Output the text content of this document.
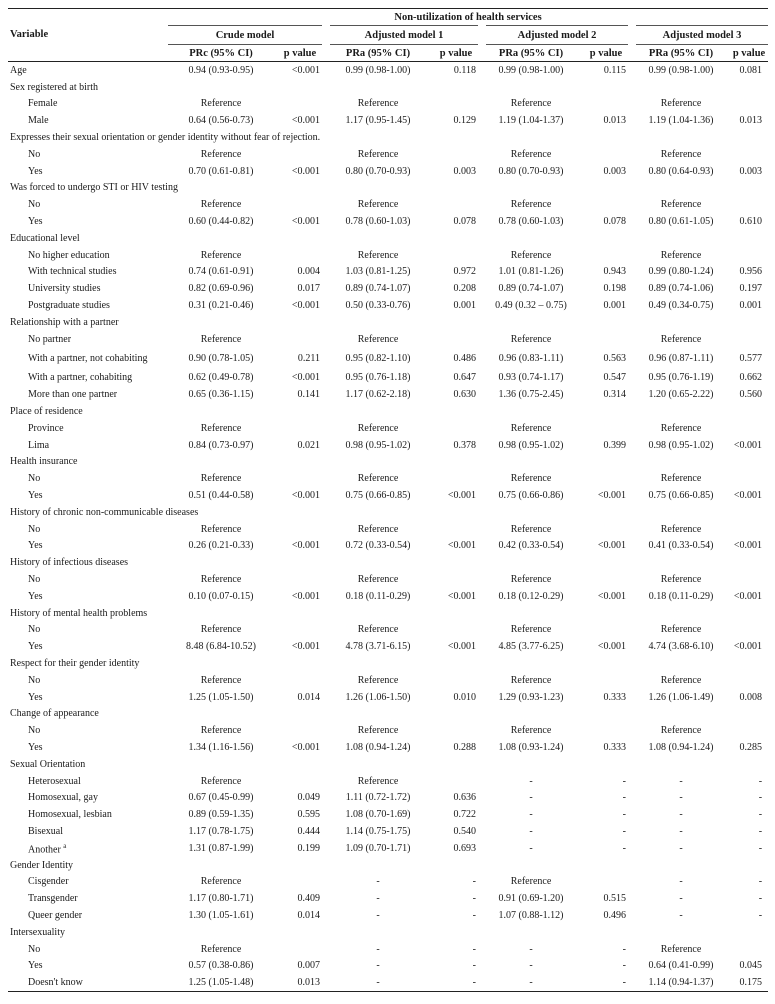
Variable	Non-utilization of health services							
	Crude model		Adjusted model 1		Adjusted model 2		Adjusted model 3	
	PRc (95% CI)	p value	PRa (95% CI)	p value	PRa (95% CI)	p value	PRa (95% CI)	p value
Age	0.94 (0.93-0.95)	<0.001	0.99 (0.98-1.00)	0.118	0.99 (0.98-1.00)	0.115	0.99 (0.98-1.00)	0.081
Sex registered at birth								
Female	Reference		Reference		Reference		Reference	
Male	0.64 (0.56-0.73)	<0.001	1.17 (0.95-1.45)	0.129	1.19 (1.04-1.37)	0.013	1.19 (1.04-1.36)	0.013
Expresses their sexual orientation or gender identity without fear of rejection.								
No	Reference		Reference		Reference		Reference	
Yes	0.70 (0.61-0.81)	<0.001	0.80 (0.70-0.93)	0.003	0.80 (0.70-0.93)	0.003	0.80 (0.64-0.93)	0.003
Was forced to undergo STI or HIV testing								
No	Reference		Reference		Reference		Reference	
Yes	0.60 (0.44-0.82)	<0.001	0.78 (0.60-1.03)	0.078	0.78 (0.60-1.03)	0.078	0.80 (0.61-1.05)	0.610
Educational level								
No higher education	Reference		Reference		Reference		Reference	
With technical studies	0.74 (0.61-0.91)	0.004	1.03 (0.81-1.25)	0.972	1.01 (0.81-1.26)	0.943	0.99 (0.80-1.24)	0.956
University studies	0.82 (0.69-0.96)	0.017	0.89 (0.74-1.07)	0.208	0.89 (0.74-1.07)	0.198	0.89 (0.74-1.06)	0.197
Postgraduate studies	0.31 (0.21-0.46)	<0.001	0.50 (0.33-0.76)	0.001	0.49 (0.32 – 0.75)	0.001	0.49 (0.34-0.75)	0.001
Relationship with a partner								
No partner	Reference		Reference		Reference		Reference	
With a partner, not cohabiting	0.90 (0.78-1.05)	0.211	0.95 (0.82-1.10)	0.486	0.96 (0.83-1.11)	0.563	0.96 (0.87-1.11)	0.577
With a partner, cohabiting	0.62 (0.49-0.78)	<0.001	0.95 (0.76-1.18)	0.647	0.93 (0.74-1.17)	0.547	0.95 (0.76-1.19)	0.662
More than one partner	0.65 (0.36-1.15)	0.141	1.17 (0.62-2.18)	0.630	1.36 (0.75-2.45)	0.314	1.20 (0.65-2.22)	0.560
Place of residence								
Province	Reference		Reference		Reference		Reference	
Lima	0.84 (0.73-0.97)	0.021	0.98 (0.95-1.02)	0.378	0.98 (0.95-1.02)	0.399	0.98 (0.95-1.02)	<0.001
Health insurance								
No	Reference		Reference		Reference		Reference	
Yes	0.51 (0.44-0.58)	<0.001	0.75 (0.66-0.85)	<0.001	0.75 (0.66-0.86)	<0.001	0.75 (0.66-0.85)	<0.001
History of chronic non-communicable diseases								
No	Reference		Reference		Reference		Reference	
Yes	0.26 (0.21-0.33)	<0.001	0.72 (0.33-0.54)	<0.001	0.42 (0.33-0.54)	<0.001	0.41 (0.33-0.54)	<0.001
History of infectious diseases								
No	Reference		Reference		Reference		Reference	
Yes	0.10 (0.07-0.15)	<0.001	0.18 (0.11-0.29)	<0.001	0.18 (0.12-0.29)	<0.001	0.18 (0.11-0.29)	<0.001
History of mental health problems								
No	Reference		Reference		Reference		Reference	
Yes	8.48 (6.84-10.52)	<0.001	4.78 (3.71-6.15)	<0.001	4.85 (3.77-6.25)	<0.001	4.74 (3.68-6.10)	<0.001
Respect for their gender identity								
No	Reference		Reference		Reference		Reference	
Yes	1.25 (1.05-1.50)	0.014	1.26 (1.06-1.50)	0.010	1.29 (0.93-1.23)	0.333	1.26 (1.06-1.49)	0.008
Change of appearance								
No	Reference		Reference		Reference		Reference	
Yes	1.34 (1.16-1.56)	<0.001	1.08 (0.94-1.24)	0.288	1.08 (0.93-1.24)	0.333	1.08 (0.94-1.24)	0.285
Sexual Orientation								
Heterosexual	Reference		Reference		-	-	-	-
Homosexual, gay	0.67 (0.45-0.99)	0.049	1.11 (0.72-1.72)	0.636	-	-	-	-
Homosexual, lesbian	0.89 (0.59-1.35)	0.595	1.08 (0.70-1.69)	0.722	-	-	-	-
Bisexual	1.17 (0.78-1.75)	0.444	1.14 (0.75-1.75)	0.540	-	-	-	-
Another $^a$	1.31 (0.87-1.99)	0.199	1.09 (0.70-1.71)	0.693	-	-	-	-
Gender Identity								
Cisgender	Reference		-	-	Reference		-	-
Transgender	1.17 (0.80-1.71)	0.409	-	-	0.91 (0.69-1.20)	0.515	-	-
Queer gender	1.30 (1.05-1.61)	0.014	-	-	1.07 (0.88-1.12)	0.496	-	-
Intersexuality								
No	Reference		-	-	-	-	Reference	
Yes	0.57 (0.38-0.86)	0.007	-	-	-	-	0.64 (0.41-0.99)	0.045
Doesn't know	1.25 (1.05-1.48)	0.013	-	-	-	-	1.14 (0.94-1.37)	0.175
